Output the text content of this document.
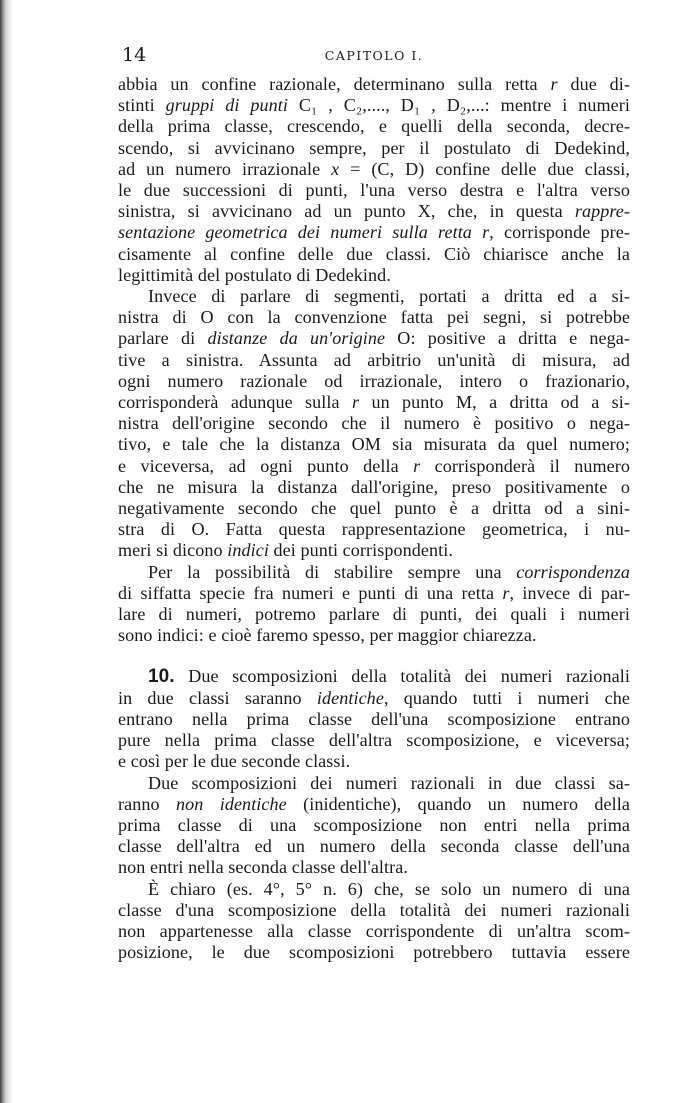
14	CAPITOLO I.

abbia un confine razionale, determinano sulla retta r due di-
stinti gruppi di punti C₁ , C₂,...., D₁ , D₂,...: mentre i numeri
della prima classe, crescendo, e quelli della seconda, decre-
scendo, si avvicinano sempre, per il postulato di Dedekind,
ad un numero irrazionale x = (C, D) confine delle due classi,
le due successioni di punti, l'una verso destra e l'altra verso
sinistra, si avvicinano ad un punto X, che, in questa rappre-
sentazione geometrica dei numeri sulla retta r, corrisponde pre-
cisamente al confine delle due classi. Ciò chiarisce anche la
legittimità del postulato di Dedekind.

Invece di parlare di segmenti, portati a dritta ed a si-
nistra di O con la convenzione fatta pei segni, si potrebbe
parlare di distanze da un'origine O: positive a dritta e nega-
tive a sinistra. Assunta ad arbitrio un'unità di misura, ad
ogni numero razionale od irrazionale, intero o frazionario,
corrisponderà adunque sulla r un punto M, a dritta od a si-
nistra dell'origine secondo che il numero è positivo o nega-
tivo, e tale che la distanza OM sia misurata da quel numero;
e viceversa, ad ogni punto della r corrisponderà il numero
che ne misura la distanza dall'origine, preso positivamente o
negativamente secondo che quel punto è a dritta od a sini-
stra di O. Fatta questa rappresentazione geometrica, i nu-
meri si dicono indici dei punti corrispondenti.

Per la possibilità di stabilire sempre una corrispondenza
di siffatta specie fra numeri e punti di una retta r, invece di par-
lare di numeri, potremo parlare di punti, dei quali i numeri
sono indici: e cioè faremo spesso, per maggior chiarezza.

10. Due scomposizioni della totalità dei numeri razionali
in due classi saranno identiche, quando tutti i numeri che
entrano nella prima classe dell'una scomposizione entrano
pure nella prima classe dell'altra scomposizione, e viceversa;
e così per le due seconde classi.

Due scomposizioni dei numeri razionali in due classi sa-
ranno non identiche (inidentiche), quando un numero della
prima classe di una scomposizione non entri nella prima
classe dell'altra ed un numero della seconda classe dell'una
non entri nella seconda classe dell'altra.

È chiaro (es. 4°, 5° n. 6) che, se solo un numero di una
classe d'una scomposizione della totalità dei numeri razionali
non appartenesse alla classe corrispondente di un'altra scom-
posizione, le due scomposizioni potrebbero tuttavia essere
